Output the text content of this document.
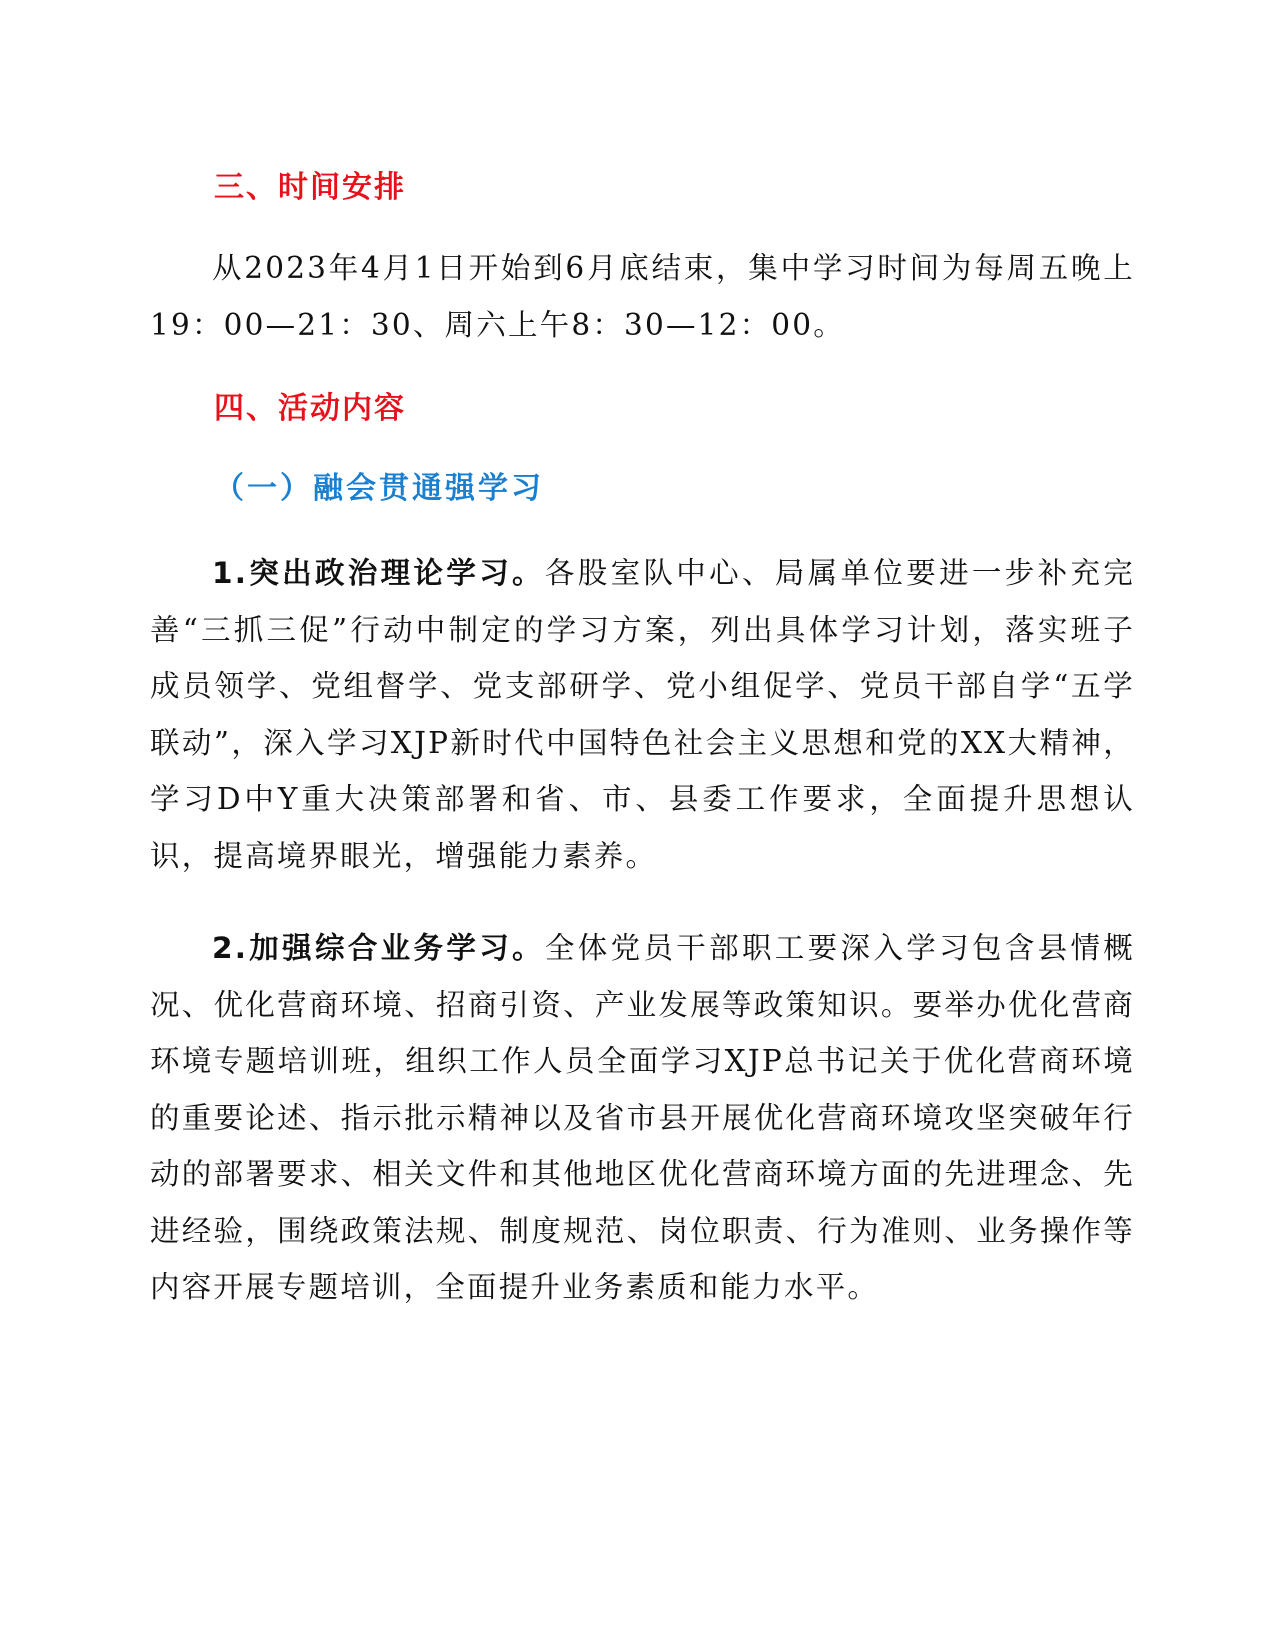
三、时间安排

从2023年4月1日开始到6月底结束，集中学习时间为每周五晚上19：00—21：30、周六上午8：30—12：00。

四、活动内容
（一）融会贯通强学习

1.突出政治理论学习。各股室队中心、局属单位要进一步补充完善“三抓三促”行动中制定的学习方案，列出具体学习计划，落实班子成员领学、党组督学、党支部研学、党小组促学、党员干部自学“五学联动”，深入学习XJP新时代中国特色社会主义思想和党的XX大精神，学习D中Y重大决策部署和省、市、县委工作要求，全面提升思想认识，提高境界眼光，增强能力素养。

2.加强综合业务学习。全体党员干部职工要深入学习包含县情概况、优化营商环境、招商引资、产业发展等政策知识。要举办优化营商环境专题培训班，组织工作人员全面学习XJP总书记关于优化营商环境的重要论述、指示批示精神以及省市县开展优化营商环境攻坚突破年行动的部署要求、相关文件和其他地区优化营商环境方面的先进理念、先进经验，围绕政策法规、制度规范、岗位职责、行为准则、业务操作等内容开展专题培训，全面提升业务素质和能力水平。
